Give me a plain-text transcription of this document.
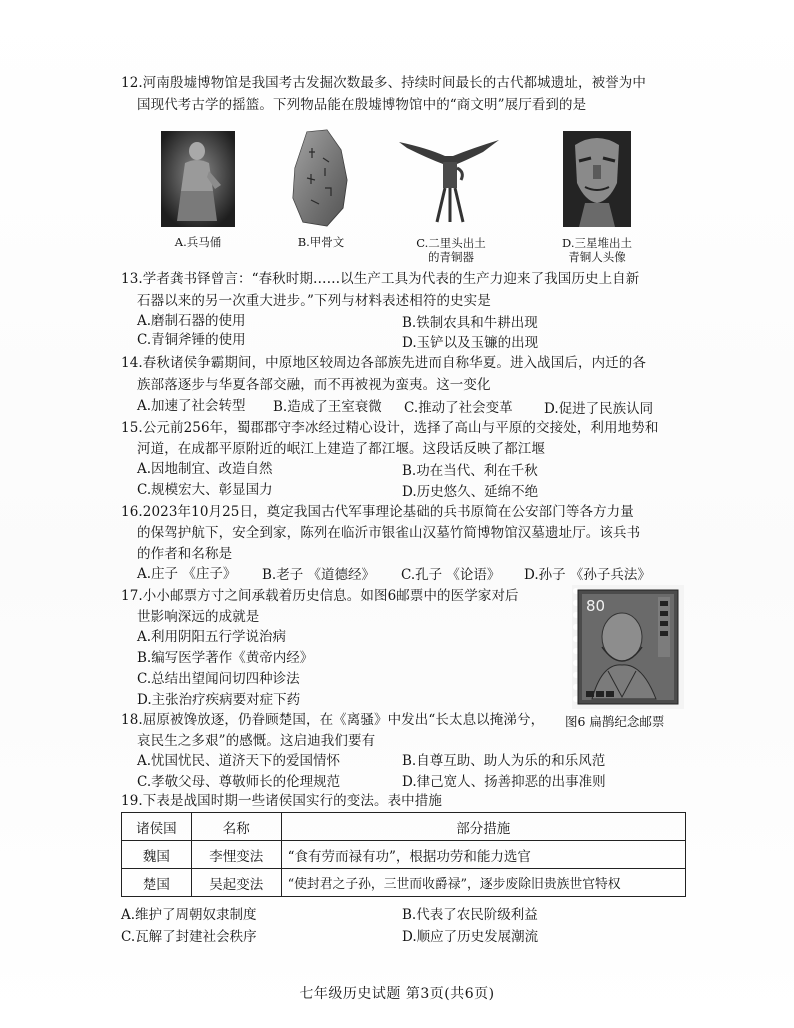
12.河南殷墟博物馆是我国考古发掘次数最多、持续时间最长的古代都城遗址，被誉为中
国现代考古学的摇篮。下列物品能在殷墟博物馆中的“商文明”展厅看到的是
A.兵马俑	B.甲骨文	C.二里头出土
的青铜器
D.三星堆出土
青铜人头像
13.学者龚书铎曾言：“春秋时期……以生产工具为代表的生产力迎来了我国历史上自新
石器以来的另一次重大进步。”下列与材料表述相符的史实是
A.磨制石器的使用	B.铁制农具和牛耕出现
C.青铜斧锤的使用	D.玉铲以及玉镰的出现
14.春秋诸侯争霸期间，中原地区较周边各部族先进而自称华夏。进入战国后，内迁的各
族部落逐步与华夏各部交融，而不再被视为蛮夷。这一变化
A.加速了社会转型 B.造成了王室衰微 C.推动了社会变革 D.促进了民族认同
15.公元前256年，蜀郡郡守李冰经过精心设计，选择了高山与平原的交接处，利用地势和
河道，在成都平原附近的岷江上建造了都江堰。这段话反映了都江堰
A.因地制宜、改造自然	B.功在当代、利在千秋
C.规模宏大、彰显国力	D.历史悠久、延绵不绝
16.2023年10月25日，奠定我国古代军事理论基础的兵书原简在公安部门等各方力量
的保驾护航下，安全到家，陈列在临沂市银雀山汉墓竹简博物馆汉墓遗址厅。该兵书
的作者和名称是
A.庄子 《庄子》 B.老子 《道德经》 C.孔子 《论语》 D.孙子 《孙子兵法》
17.小小邮票方寸之间承载着历史信息。如图6邮票中的医学家对后
世影响深远的成就是
A.利用阴阳五行学说治病
B.编写医学著作《黄帝内经》
C.总结出望闻问切四种诊法
D.主张治疗疾病要对症下药
80
图6 扁鹊纪念邮票
18.屈原被馋放逐，仍眷顾楚国，在《离骚》中发出“长太息以掩涕兮，
哀民生之多艰”的感慨。这启迪我们要有
A.忧国忧民、道济天下的爱国情怀	B.自尊互助、助人为乐的和乐风范
C.孝敬父母、尊敬师长的伦理规范	D.律己宽人、扬善抑恶的出事准则
19.下表是战国时期一些诸侯国实行的变法。表中措施
诸侯国	名称	部分措施
魏国	李悝变法	“食有劳而禄有功”，根据功劳和能力选官
楚国	吴起变法	“使封君之子孙，三世而收爵禄”，逐步废除旧贵族世官特权
A.维护了周朝奴隶制度	B.代表了农民阶级利益
C.瓦解了封建社会秩序	D.顺应了历史发展潮流
七年级历史试题 第3页(共6页)
